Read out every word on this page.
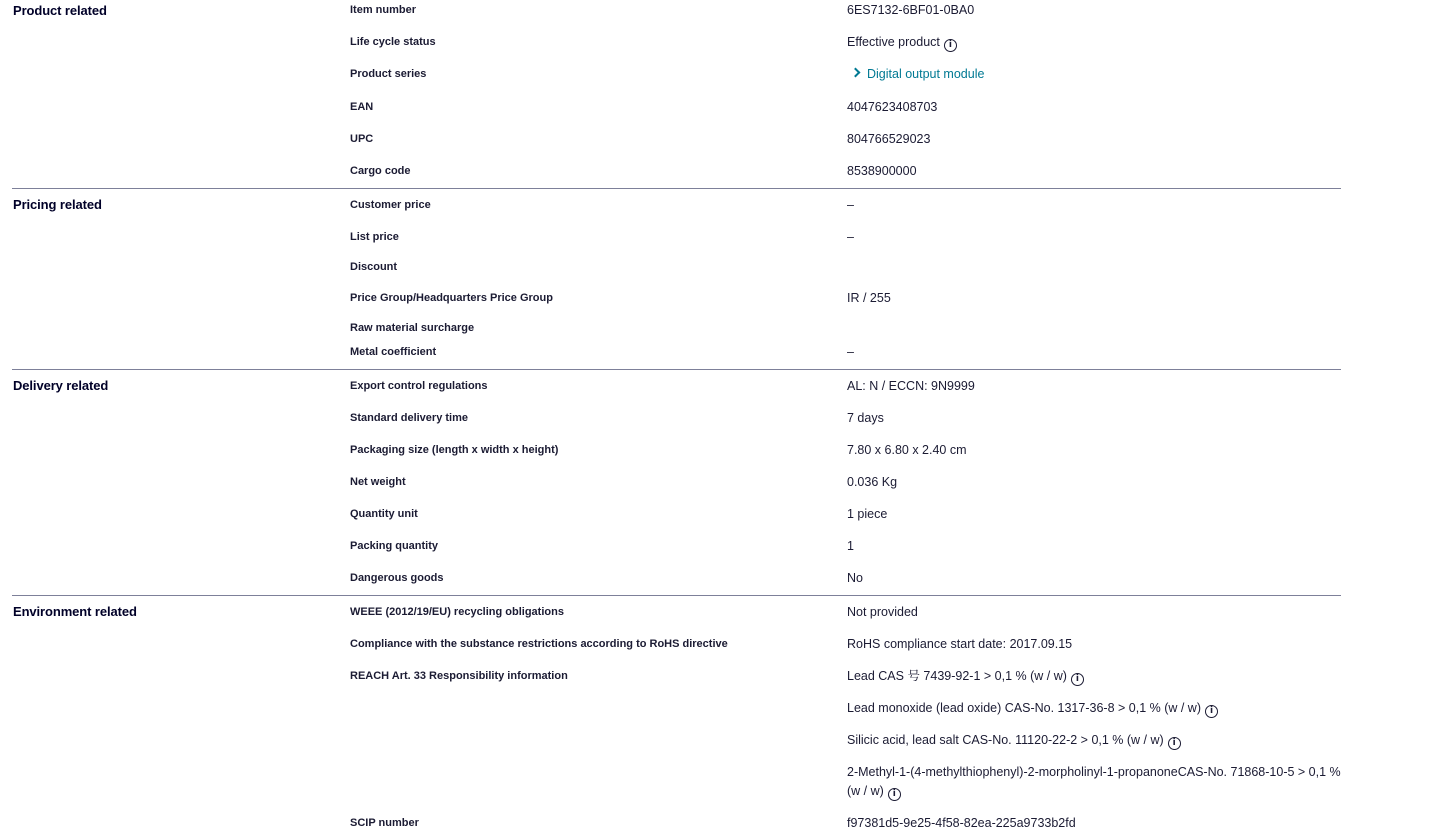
Product related	Item number	6ES7132-6BF01-0BA0
Life cycle status	Effective product i
Product series	Digital output module
EAN	4047623408703
UPC	804766529023
Cargo code	8538900000
Pricing related	Customer price	–
List price	–
Discount
Price Group/Headquarters Price Group	IR / 255
Raw material surcharge
Metal coefficient	–
Delivery related	Export control regulations	AL: N / ECCN: 9N9999
Standard delivery time	7 days
Packaging size (length x width x height)	7.80 x 6.80 x 2.40 cm
Net weight	0.036 Kg
Quantity unit	1 piece
Packing quantity	1
Dangerous goods	No
Environment related	WEEE (2012/19/EU) recycling obligations	Not provided
Compliance with the substance restrictions according to RoHS directive	RoHS compliance start date: 2017.09.15
REACH Art. 33 Responsibility information	Lead CAS 号 7439-92-1 > 0,1 % (w / w) i
Lead monoxide (lead oxide) CAS-No. 1317-36-8 > 0,1 % (w / w) i
Silicic acid, lead salt CAS-No. 11120-22-2 > 0,1 % (w / w) i
2-Methyl-1-(4-methylthiophenyl)-2-morpholinyl-1-propanoneCAS-No. 71868-10-5 > 0,1 % (w / w) i
SCIP number	f97381d5-9e25-4f58-82ea-225a9733b2fd
